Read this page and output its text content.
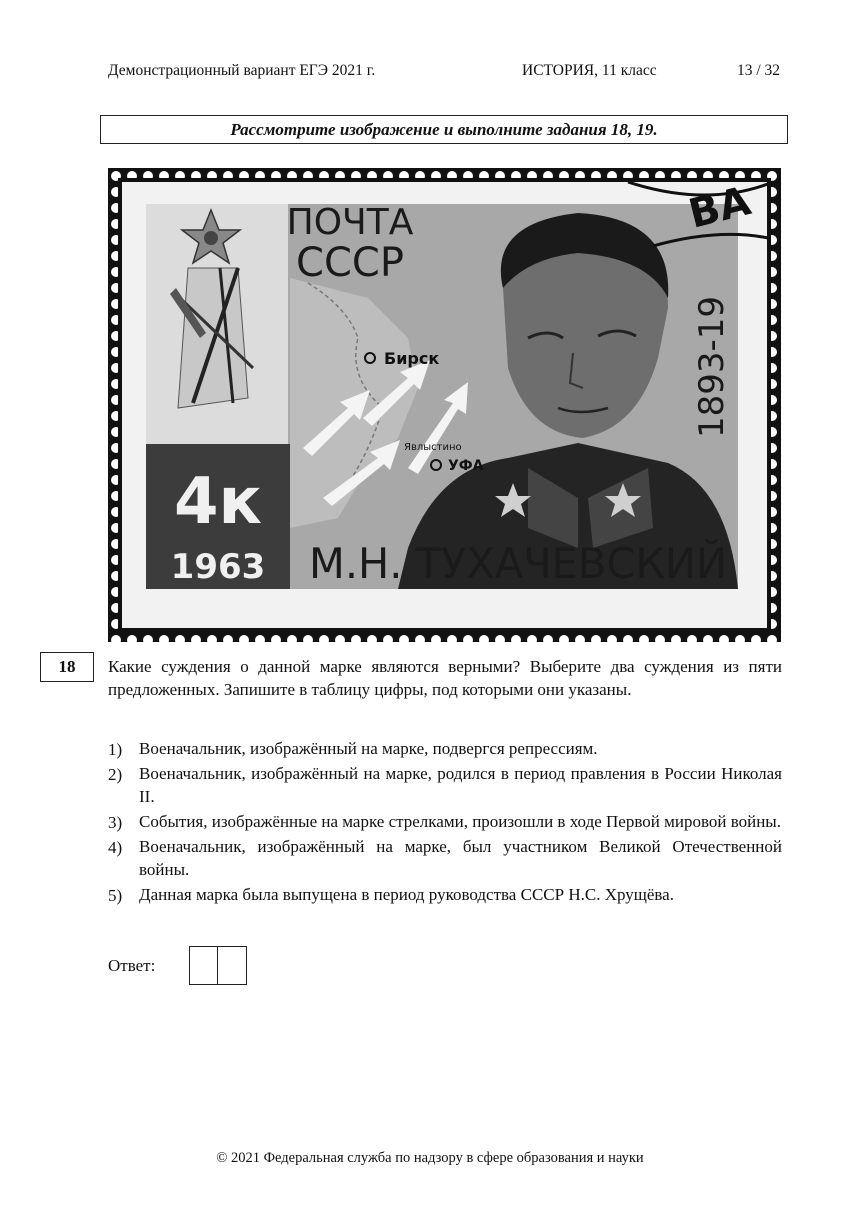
Демонстрационный вариант ЕГЭ 2021 г.	ИСТОРИЯ, 11 класс	13 / 32
Рассмотрите изображение и выполните задания 18, 19.
4к
1963
ПОЧТА
СССР
Бирск
Явлыстино
УФА
1893-19
М.Н. ТУХАЧЕВСКИЙ
ВА
18	Какие суждения о данной марке являются верными? Выберите два суждения из пяти предложенных. Запишите в таблицу цифры, под которыми они указаны.
1) Военачальник, изображённый на марке, подвергся репрессиям.
2) Военачальник, изображённый на марке, родился в период правления в России Николая II.
3) События, изображённые на марке стрелками, произошли в ходе Первой мировой войны.
4) Военачальник, изображённый на марке, был участником Великой Отечественной войны.
5) Данная марка была выпущена в период руководства СССР Н.С. Хрущёва.
Ответ:
© 2021 Федеральная служба по надзору в сфере образования и науки
